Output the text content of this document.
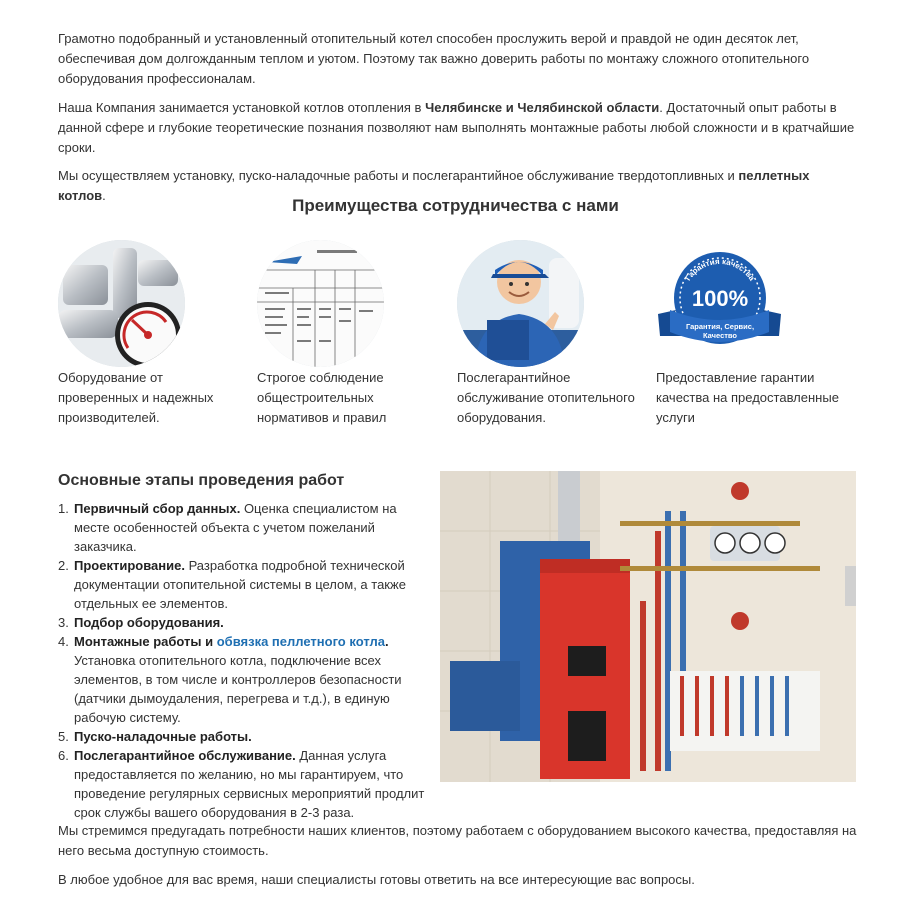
Грамотно подобранный и установленный отопительный котел способен прослужить верой и правдой не один десяток лет, обеспечивая дом долгожданным теплом и уютом. Поэтому так важно доверить работы по монтажу сложного отопительного оборудования профессионалам.

Наша Компания занимается установкой котлов отопления в Челябинске и Челябинской области. Достаточный опыт работы в данной сфере и глубокие теоретические познания позволяют нам выполнять монтажные работы любой сложности и в кратчайшие сроки.

Мы осуществляем установку, пуско-наладочные работы и послегарантийное обслуживание твердотопливных и пеллетных котлов.

Преимущества сотрудничества с нами
Оборудование от проверенных и надежных производителей.
Строгое соблюдение общестроительных нормативов и правил
Послегарантийное обслуживание отопительного оборудования.
Гарантия качества
100%
Гарантия, Сервис,
Качество
Предоставление гарантии качества на предоставленные услуги
Основные этапы проведения работ
1. Первичный сбор данных. Оценка специалистом на месте особенностей объекта с учетом пожеланий заказчика.
2. Проектирование. Разработка подробной технической документации отопительной системы в целом, а также отдельных ее элементов.
3. Подбор оборудования.
4. Монтажные работы и обвязка пеллетного котла. Установка отопительного котла, подключение всех элементов, в том числе и контроллеров безопасности (датчики дымоудаления, перегрева и т.д.), в единую рабочую систему.
5. Пуско-наладочные работы.
6. Послегарантийное обслуживание. Данная услуга предоставляется по желанию, но мы гарантируем, что проведение регулярных сервисных мероприятий продлит срок службы вашего оборудования в 2-3 раза.

Мы стремимся предугадать потребности наших клиентов, поэтому работаем с оборудованием высокого качества, предоставляя на него весьма доступную стоимость.

В любое удобное для вас время, наши специалисты готовы ответить на все интересующие вас вопросы.
